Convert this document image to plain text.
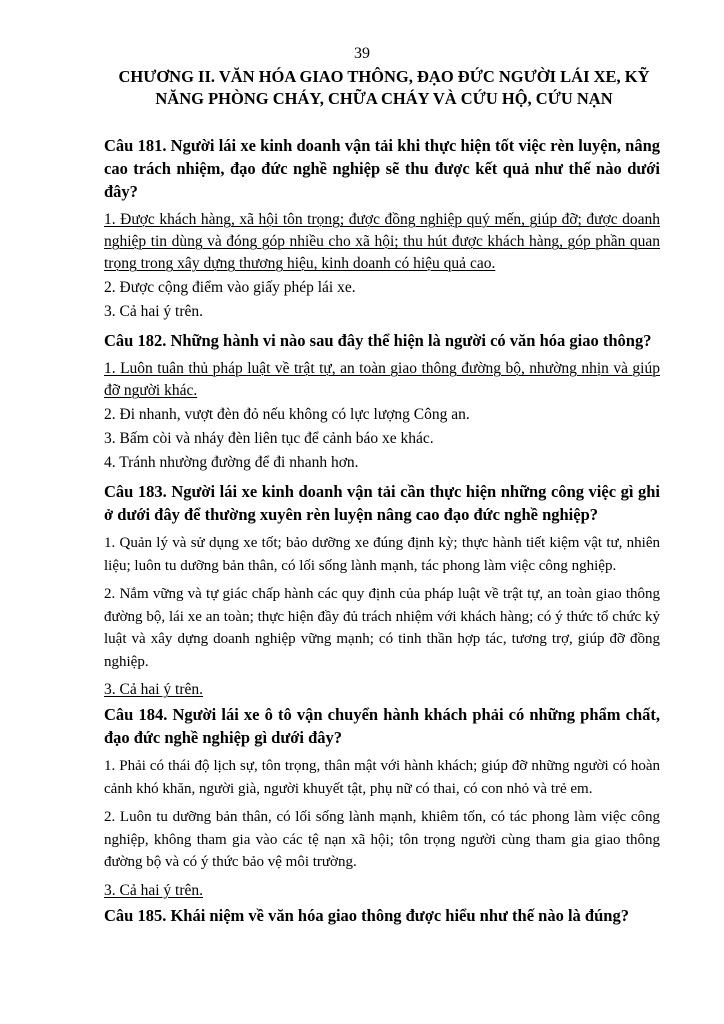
39
CHƯƠNG II. VĂN HÓA GIAO THÔNG, ĐẠO ĐỨC NGƯỜI LÁI XE, KỸ
NĂNG PHÒNG CHÁY, CHỮA CHÁY VÀ CỨU HỘ, CỨU NẠN
Câu 181. Người lái xe kinh doanh vận tải khi thực hiện tốt việc rèn luyện, nâng cao trách nhiệm, đạo đức nghề nghiệp sẽ thu được kết quả như thế nào dưới đây?
1. Được khách hàng, xã hội tôn trọng; được đồng nghiệp quý mến, giúp đỡ; được doanh nghiệp tin dùng và đóng góp nhiều cho xã hội; thu hút được khách hàng, góp phần quan trọng trong xây dựng thương hiệu, kinh doanh có hiệu quả cao.
2. Được cộng điểm vào giấy phép lái xe.
3. Cả hai ý trên.
Câu 182. Những hành vi nào sau đây thể hiện là người có văn hóa giao thông?
1. Luôn tuân thủ pháp luật về trật tự, an toàn giao thông đường bộ, nhường nhịn và giúp đỡ người khác.
2. Đi nhanh, vượt đèn đỏ nếu không có lực lượng Công an.
3. Bấm còi và nháy đèn liên tục để cảnh báo xe khác.
4. Tránh nhường đường để đi nhanh hơn.
Câu 183. Người lái xe kinh doanh vận tải cần thực hiện những công việc gì ghi ở dưới đây để thường xuyên rèn luyện nâng cao đạo đức nghề nghiệp?
1. Quản lý và sử dụng xe tốt; bảo dưỡng xe đúng định kỳ; thực hành tiết kiệm vật tư, nhiên liệu; luôn tu dưỡng bản thân, có lối sống lành mạnh, tác phong làm việc công nghiệp.
2. Nắm vững và tự giác chấp hành các quy định của pháp luật về trật tự, an toàn giao thông đường bộ, lái xe an toàn; thực hiện đầy đủ trách nhiệm với khách hàng; có ý thức tổ chức kỷ luật và xây dựng doanh nghiệp vững mạnh; có tinh thần hợp tác, tương trợ, giúp đỡ đồng nghiệp.
3. Cả hai ý trên.
Câu 184. Người lái xe ô tô vận chuyển hành khách phải có những phẩm chất, đạo đức nghề nghiệp gì dưới đây?
1. Phải có thái độ lịch sự, tôn trọng, thân mật với hành khách; giúp đỡ những người có hoàn cảnh khó khăn, người già, người khuyết tật, phụ nữ có thai, có con nhỏ và trẻ em.
2. Luôn tu dưỡng bản thân, có lối sống lành mạnh, khiêm tốn, có tác phong làm việc công nghiệp, không tham gia vào các tệ nạn xã hội; tôn trọng người cùng tham gia giao thông đường bộ và có ý thức bảo vệ môi trường.
3. Cả hai ý trên.
Câu 185. Khái niệm về văn hóa giao thông được hiểu như thế nào là đúng?
